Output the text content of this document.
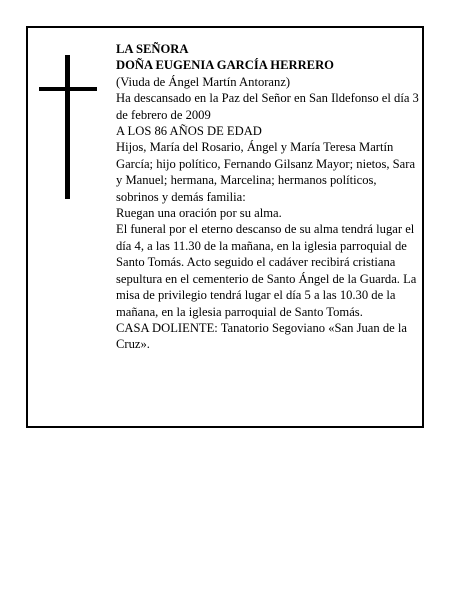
LA SEÑORA

DOÑA EUGENIA GARCÍA HERRERO

(Viuda de Ángel Martín Antoranz)

Ha descansado en la Paz del Señor en San Ildefonso el día 3 de febrero de 2009

A LOS 86 AÑOS DE EDAD

Hijos, María del Rosario, Ángel y María Teresa Martín García; hijo político, Fernando Gilsanz Mayor; nietos, Sara y Manuel; hermana, Marcelina; hermanos políticos, sobrinos y demás familia:

Ruegan una oración por su alma.

El funeral por el eterno descanso de su alma tendrá lugar el día 4, a las 11.30 de la mañana, en la iglesia parroquial de Santo Tomás. Acto seguido el cadáver recibirá cristiana sepultura en el cementerio de Santo Ángel de la Guarda. La misa de privilegio tendrá lugar el día 5 a las 10.30 de la mañana, en la iglesia parroquial de Santo Tomás.

CASA DOLIENTE: Tanatorio Segoviano «San Juan de la Cruz».
